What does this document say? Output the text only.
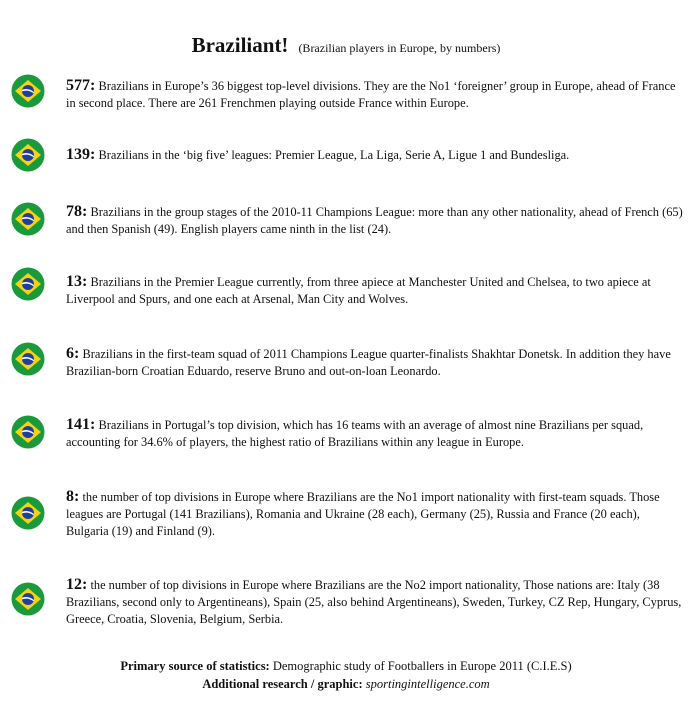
Braziliant! (Brazilian players in Europe, by numbers)
577: Brazilians in Europe’s 36 biggest top-level divisions. They are the No1 ‘foreigner’ group in Europe, ahead of France in second place. There are 261 Frenchmen playing outside France within Europe.
139: Brazilians in the ‘big five’ leagues: Premier League, La Liga, Serie A, Ligue 1 and Bundesliga.
78: Brazilians in the group stages of the 2010-11 Champions League: more than any other nationality, ahead of French (65) and then Spanish (49). English players came ninth in the list (24).
13: Brazilians in the Premier League currently, from three apiece at Manchester United and Chelsea, to two apiece at Liverpool and Spurs, and one each at Arsenal, Man City and Wolves.
6: Brazilians in the first-team squad of 2011 Champions League quarter-finalists Shakhtar Donetsk. In addition they have Brazilian-born Croatian Eduardo, reserve Bruno and out-on-loan Leonardo.
141: Brazilians in Portugal’s top division, which has 16 teams with an average of almost nine Brazilians per squad, accounting for 34.6% of players, the highest ratio of Brazilians within any league in Europe.
8: the number of top divisions in Europe where Brazilians are the No1 import nationality with first-team squads. Those leagues are Portugal (141 Brazilians), Romania and Ukraine (28 each), Germany (25), Russia and France (20 each), Bulgaria (19) and Finland (9).
12: the number of top divisions in Europe where Brazilians are the No2 import nationality, Those nations are: Italy (38 Brazilians, second only to Argentineans), Spain (25, also behind Argentineans), Sweden, Turkey, CZ Rep, Hungary, Cyprus, Greece, Croatia, Slovenia, Belgium, Serbia.
Primary source of statistics: Demographic study of Footballers in Europe 2011 (C.I.E.S)
Additional research / graphic: sportingintelligence.com
